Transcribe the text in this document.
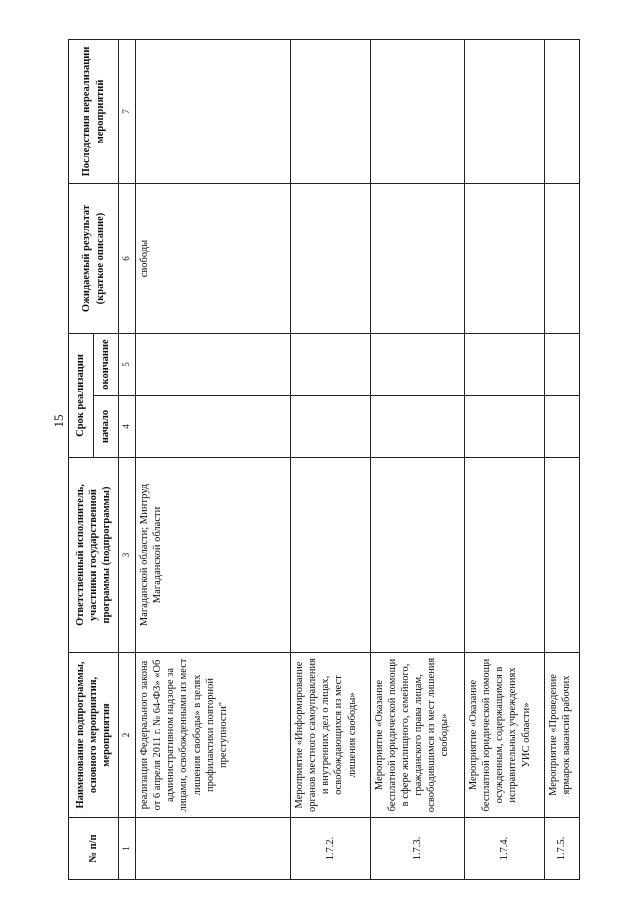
15
№ п/п	Наименование подпрограммы, основного мероприятия, мероприятия	Ответственный исполнитель, участники государственной программы (подпрограммы)	Срок реализации		Ожидаемый результат (краткое описание)	Последствия нереализации мероприятий
			начало	окончание		
1	2	3	4	5	6	7
	реализации Федерального закона от 6 апреля 2011 г. № 64-ФЗ» «Об административном надзоре за лицами, освобожденными из мест лишения свободы» в целях профилактики повторной преступности"	Магаданской области; Минтруд Магаданской области			свободы	
1.7.2.	Мероприятие «Информирование органов местного самоуправления и внутренних дел о лицах, освобождающихся из мест лишения свободы»					
1.7.3.	Мероприятие «Оказание бесплатной юридической помощи в сфере жилищного, семейного, гражданского права лицам, освободившимся из мест лишения свободы»					
1.7.4.	Мероприятие «Оказание бесплатной юридической помощи осужденным, содержащимся в исправительных учреждениях УИС области»					
1.7.5.	Мероприятие «Проведение ярмарок вакансий рабочих					
